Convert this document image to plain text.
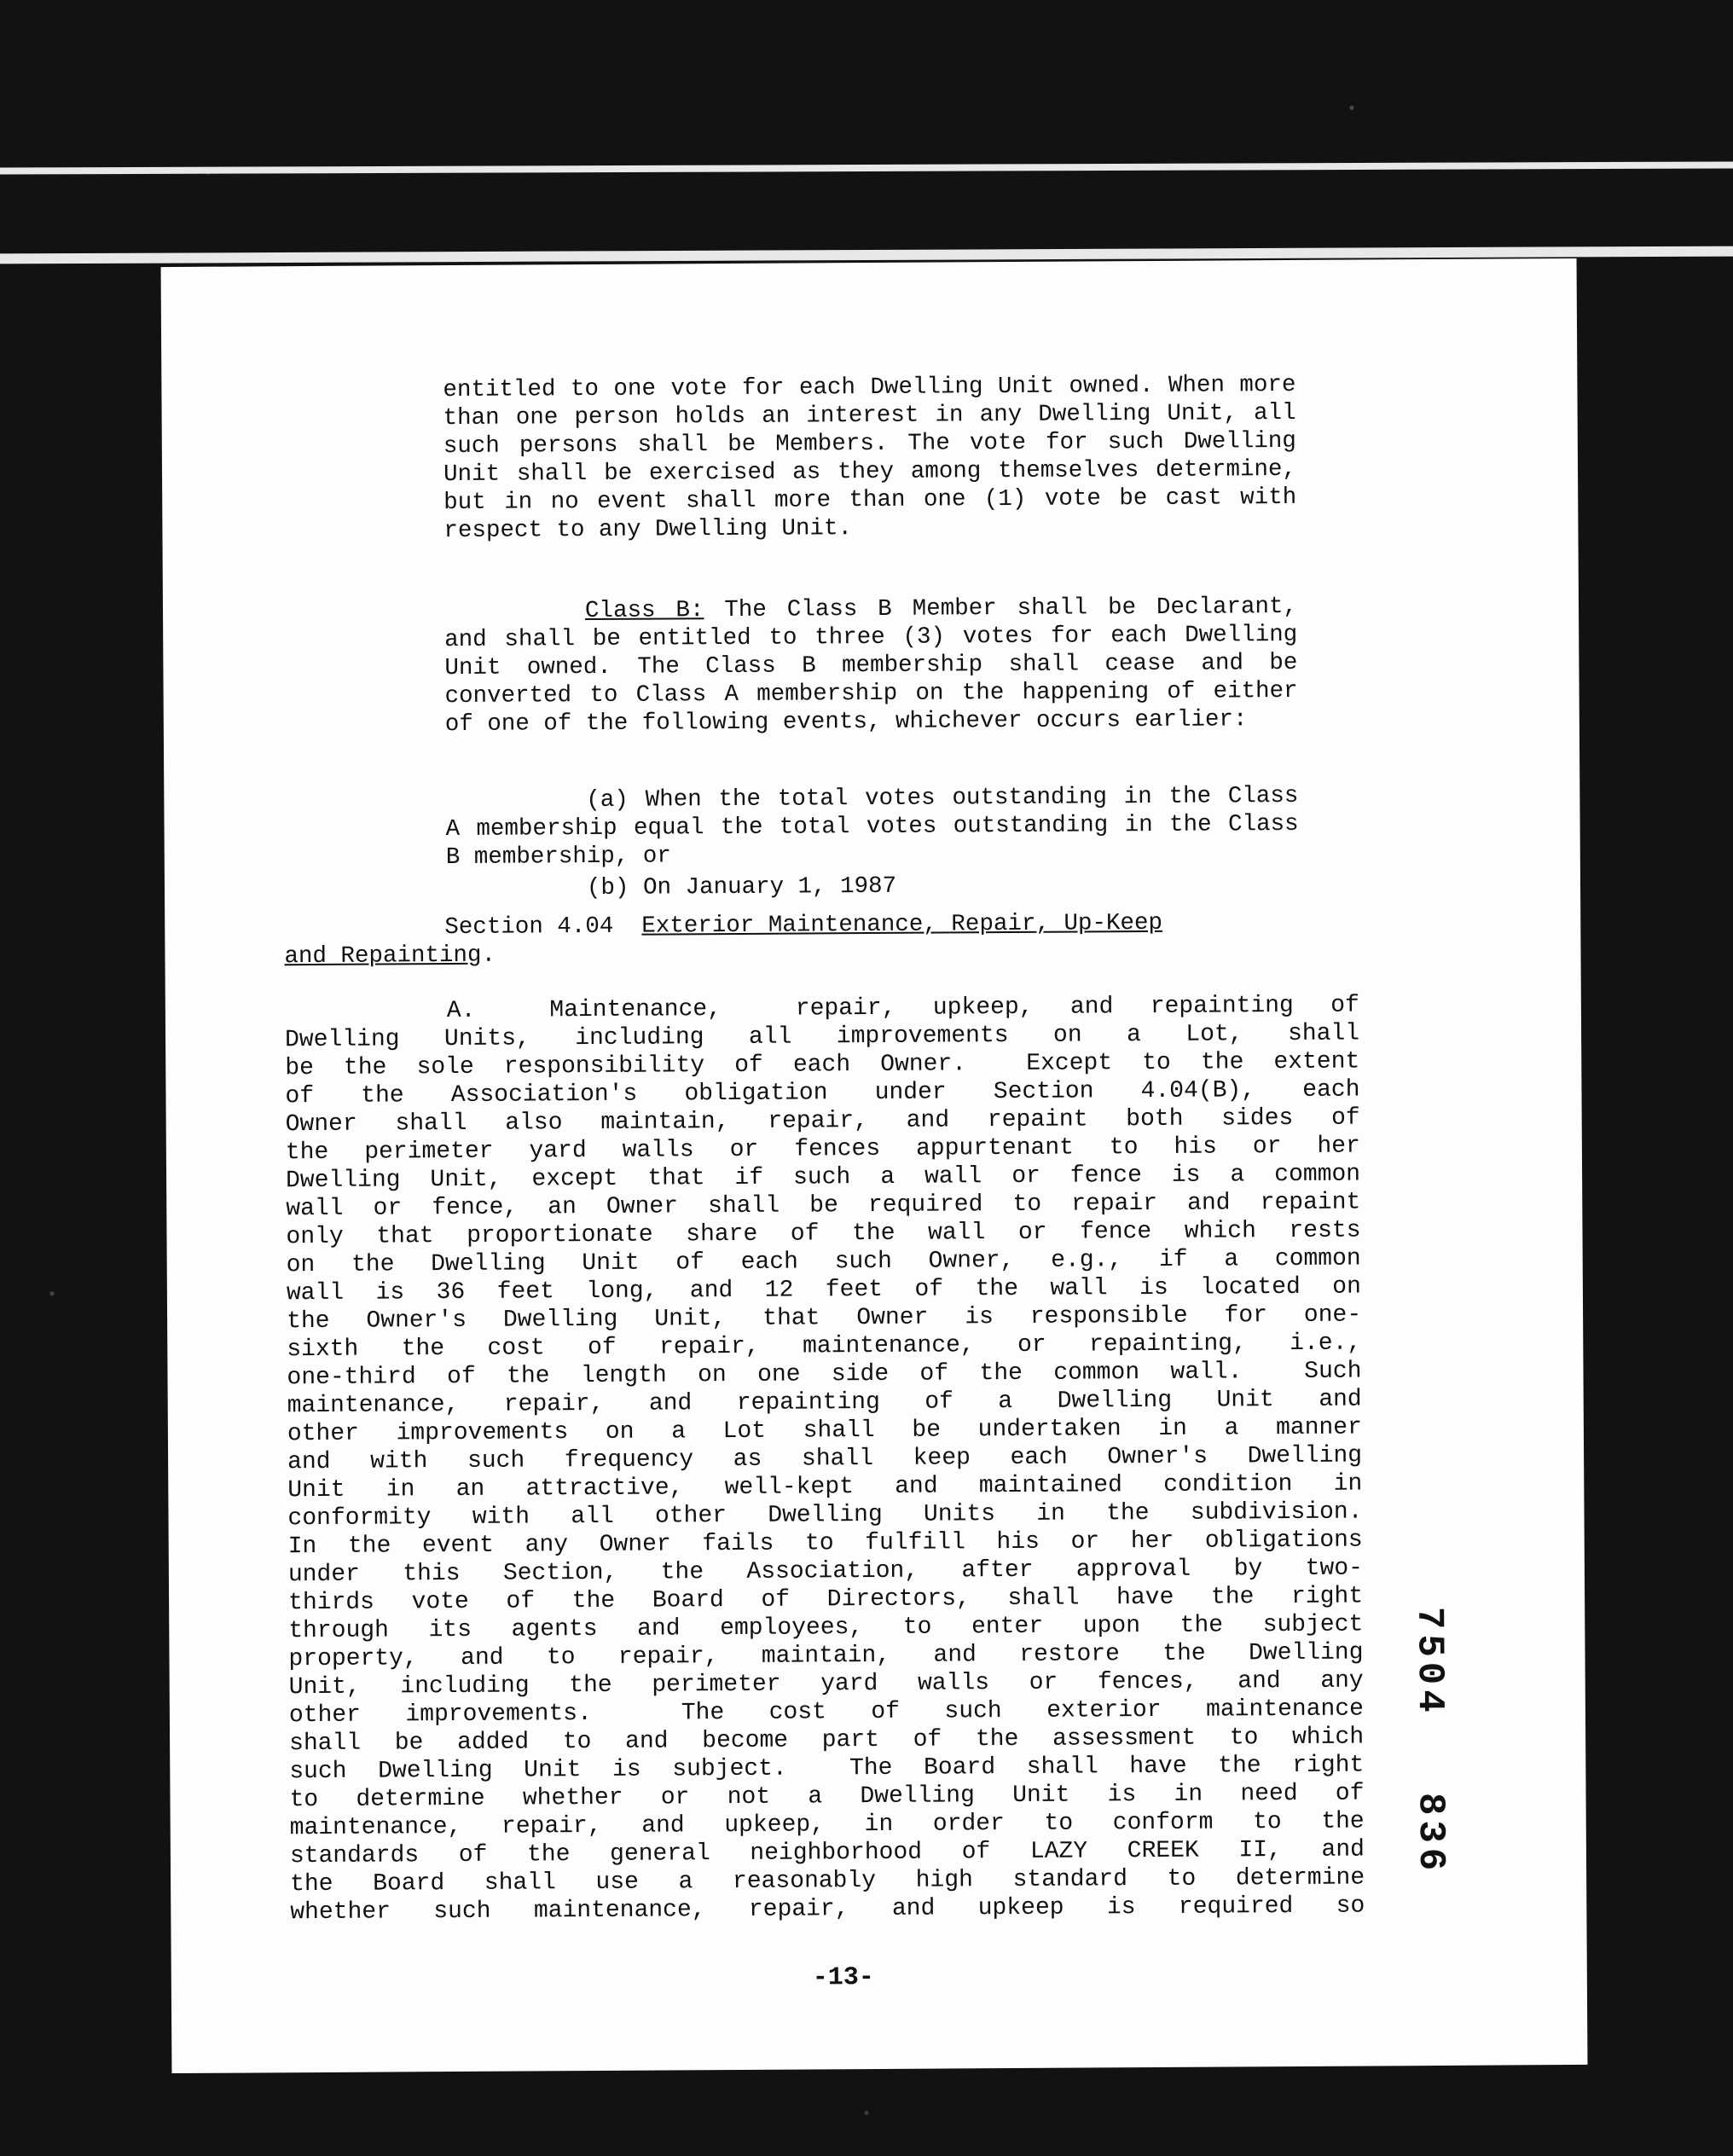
entitled to one vote for each Dwelling Unit owned. When more than one person holds an interest in any Dwelling Unit, all such persons shall be Members. The vote for such Dwelling Unit shall be exercised as they among themselves determine, but in no event shall more than one (1) vote be cast with respect to any Dwelling Unit.
Class B: The Class B Member shall be Declarant, and shall be entitled to three (3) votes for each Dwelling Unit owned. The Class B membership shall cease and be converted to Class A membership on the happening of either of one of the following events, whichever occurs earlier:
(a) When the total votes outstanding in the Class A membership equal the total votes outstanding in the Class B membership, or
(b) On January 1, 1987
Section 4.04 Exterior Maintenance, Repair, Up-Keep
and Repainting.
A.  Maintenance,  repair, upkeep, and repainting of
Dwelling Units, including all improvements on a Lot, shall
be the sole responsibility of each Owner.  Except to the extent
of the Association's obligation under Section 4.04(B), each
Owner shall also maintain, repair, and repaint both sides of
the perimeter yard walls or fences appurtenant to his or her
Dwelling Unit, except that if such a wall or fence is a common
wall or fence, an Owner shall be required to repair and repaint
only that proportionate share of the wall or fence which rests
on the Dwelling Unit of each such Owner, e.g., if a common
wall is 36 feet long, and 12 feet of the wall is located on
the Owner's Dwelling Unit, that Owner is responsible for one-
sixth the cost of repair, maintenance, or repainting, i.e.,
one-third of the length on one side of the common wall.  Such
maintenance, repair, and repainting of a Dwelling Unit and
other improvements on a Lot shall be undertaken in a manner
and with such frequency as shall keep each Owner's Dwelling
Unit in an attractive, well-kept and maintained condition in
conformity with all other Dwelling Units in the subdivision.
In the event any Owner fails to fulfill his or her obligations
under this Section, the Association, after approval by two-
thirds vote of the Board of Directors, shall have the right
through its agents and employees, to enter upon the subject
property, and to repair, maintain, and restore the Dwelling
Unit, including the perimeter yard walls or fences, and any
other improvements.  The cost of such exterior maintenance
shall be added to and become part of the assessment to which
such Dwelling Unit is subject.  The Board shall have the right
to determine whether or not a Dwelling Unit is in need of
maintenance, repair, and upkeep, in order to conform to the
standards of the general neighborhood of LAZY CREEK II, and
the Board shall use a reasonably high standard to determine
whether such maintenance, repair, and upkeep is required so
-13-
7504
836
